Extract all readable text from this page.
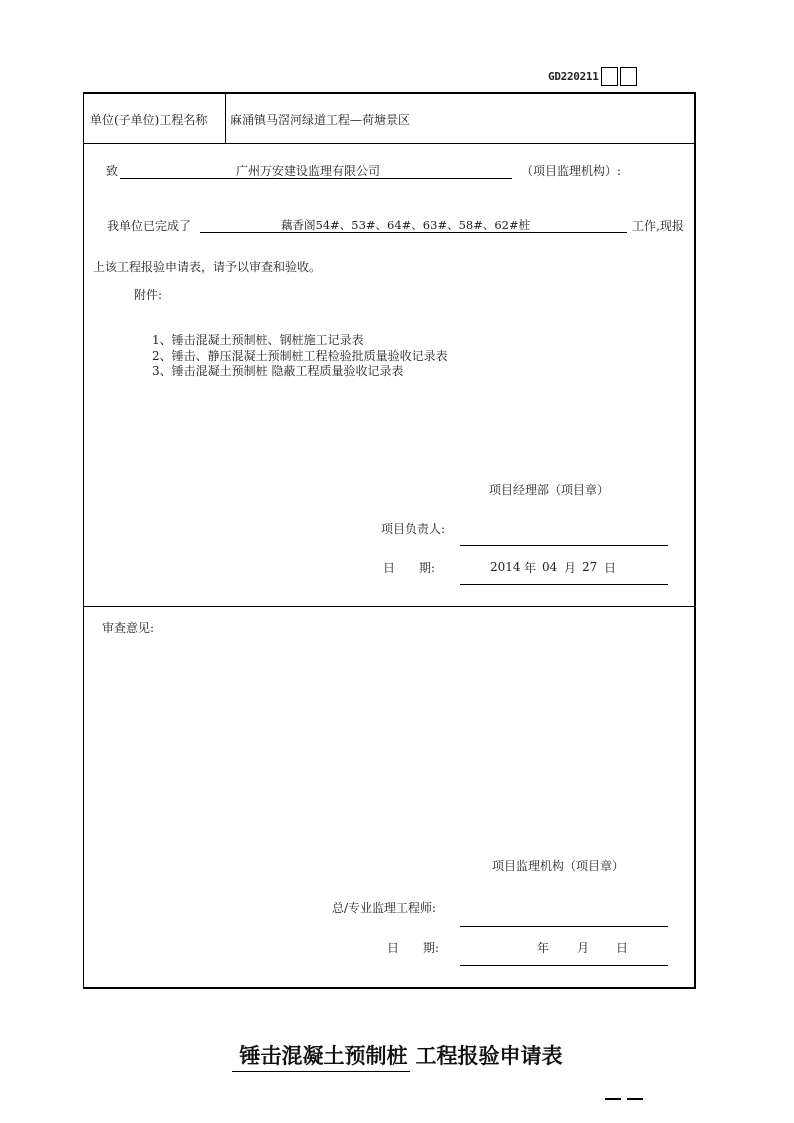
GD220211
单位(子单位)工程名称 麻涌镇马滘河绿道工程—荷塘景区
致	广州万安建设监理有限公司	（项目监理机构）:
我单位已完成了	藕香阁54#、53#、64#、63#、58#、62#桩	工作,现报
上该工程报验申请表，请予以审查和验收。
附件:
1、锤击混凝土预制桩、钢桩施工记录表
2、锤击、静压混凝土预制桩工程检验批质量验收记录表
3、锤击混凝土预制桩 隐蔽工程质量验收记录表
项目经理部（项目章）
项目负责人:
日　　期:	2014 年 04 月 27 日
审查意见:
项目监理机构（项目章）
总/专业监理工程师:
日　　期:	年 月 日
锤击混凝土预制桩 工程报验申请表
